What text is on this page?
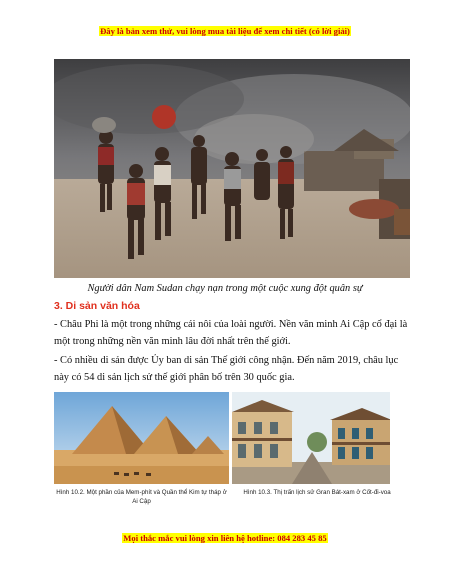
Đây là bản xem thử, vui lòng mua tài liệu để xem chi tiết (có lời giải)
Người dân Nam Sudan chạy nạn trong một cuộc xung đột quân sự
3. Di sản văn hóa
- Châu Phi là một trong những cái nôi của loài người. Nền văn minh Ai Cập cổ đại là một trong những nền văn minh lâu đời nhất trên thế giới.
- Có nhiều di sản được Ủy ban di sản Thế giới công nhận. Đến năm 2019, châu lục này có 54 di sản lịch sử thế giới phân bố trên 30 quốc gia.
Hình 10.2. Một phần của Mem-phít và Quần thể Kim tự tháp ở Ai Cập
Hình 10.3. Thị trấn lịch sử Gran Bát-xam ở Cốt-đi-voa
Mọi thắc mắc vui lòng xin liên hệ hotline: 084 283 45 85
